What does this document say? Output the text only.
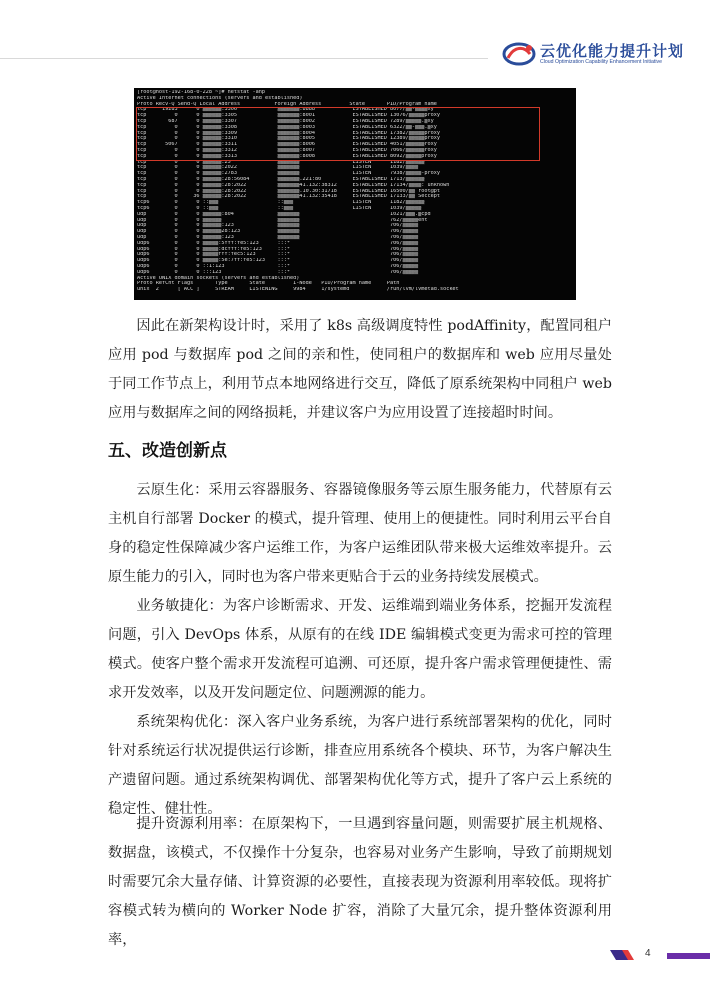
云优化能力提升计划
Cloud Optimization Capability Enhancement Initiative
[root@host-192-168-0-228 ~]# netstat -anp
Active Internet connections (servers and established)
Proto Recv-Q Send-Q Local Address           Foreign Address         State       PID/Program name
tcp     19283      0 ▒▒▒▒▒▒:3306             ▒▒▒▒▒▒▒:8888            ESTABLISHED 8077/▒▒-▒▒▒▒xy
tcp         0      0 ▒▒▒▒▒▒:3305             ▒▒▒▒▒▒▒:8001            ESTABLISHED 13076/▒▒▒▒▒proxy
tcp       687      0 ▒▒▒▒▒▒:3307             ▒▒▒▒▒▒▒:8002            ESTABLISHED 7289/▒▒▒▒▒.▒xy
tcp         0      0 ▒▒▒▒▒▒:3308             ▒▒▒▒▒▒▒:8003            ESTABLISHED 6322/▒▒-▒▒▒.▒xy
tcp         0      0 ▒▒▒▒▒▒:3309             ▒▒▒▒▒▒▒:8004            ESTABLISHED 17382/▒▒▒▒▒proxy
tcp         0      0 ▒▒▒▒▒▒:3310             ▒▒▒▒▒▒▒:8005            ESTABLISHED 12389/▒▒▒▒▒proxy
tcp      5067      0 ▒▒▒▒▒▒:3311             ▒▒▒▒▒▒▒:8006            ESTABLISHED 4051/▒▒▒▒▒▒roxy
tcp         0      0 ▒▒▒▒▒▒:3312             ▒▒▒▒▒▒▒:8007            ESTABLISHED 7066/▒▒▒▒▒▒roxy
tcp         0      0 ▒▒▒▒▒▒:3313             ▒▒▒▒▒▒▒:8008            ESTABLISHED 8092/▒▒▒▒▒proxy
tcp         0      0 ▒▒▒▒▒▒:25               ▒▒▒▒▒▒▒                 LISTEN      1182/▒▒▒▒▒▒
tcp         0      0 ▒▒▒▒▒▒:2022             ▒▒▒▒▒▒▒                 LISTEN      1039/▒▒▒▒
tcp         0      0 ▒▒▒▒▒▒:2783             ▒▒▒▒▒▒▒                 LISTEN      7938/▒▒▒▒▒-proxy
tcp         0      0 ▒▒▒▒▒▒:28:56084         ▒▒▒▒▒▒▒.221:80          ESTABLISHED 1713/▒▒▒▒▒▒
tcp         0      0 ▒▒▒▒▒▒:28:2022          ▒▒▒▒▒▒▒41.132:38312     ESTABLISHED 17134/▒▒▒▒: unknown
tcp         0      0 ▒▒▒▒▒▒:28:2022          ▒▒▒▒▒▒▒.10.30:31718     ESTABLISHED 16500/▒▒ root@pt
tcp         0     36 ▒▒▒▒▒▒:28:2022          ▒▒▒▒▒▒▒41.132:35418     ESTABLISHED 17133/▒▒ Seccept
tcp6        0      0 ::▒▒▒                   ::▒▒▒                   LISTEN      1182/▒▒▒▒▒▒
tcp6        0      0 ::▒▒▒                   ::▒▒▒                   LISTEN      1039/▒▒▒▒▒
udp         0      0 ▒▒▒▒▒▒:804              ▒▒▒▒▒▒▒                             1021/▒▒▒.▒cpd
udp         0      0 ▒▒▒▒▒▒                  ▒▒▒▒▒▒▒                             762/▒▒▒▒▒ent
udp         0      0 ▒▒▒▒▒▒:123              ▒▒▒▒▒▒▒                             706/▒▒▒▒▒
udp         0      0 ▒▒▒▒▒▒28:123            ▒▒▒▒▒▒▒                             706/▒▒▒▒▒
udp         0      0 ▒▒▒▒▒▒:123              ▒▒▒▒▒▒▒                             706/▒▒▒▒▒
udp6        0      0 ▒▒▒▒▒:5fff:fe5:123      :::*                                706/▒▒▒▒▒
udp6        0      0 ▒▒▒▒▒:dcfff:fe5:123     :::*                                706/▒▒▒▒▒
udp6        0      0 ▒▒▒▒▒fff:fec5:123       :::*                                706/▒▒▒▒▒
udp6        0      0 ▒▒▒▒▒:5e:7ff:fe5:123    :::*                                706/▒▒▒▒▒
udp6        0      0 ::1:123                 :::*                                706/▒▒▒▒▒
udp6        0      0 :::123                  :::*                                706/▒▒▒▒▒
Active UNIX domain sockets (servers and established)
Proto RefCnt Flags       Type       State         I-Node   PID/Program name     Path
unix  2      [ ACC ]     STREAM     LISTENING     9984     1/systemd            /run/lvm/lvmetad.socket
因此在新架构设计时，采用了 k8s 高级调度特性 podAffinity，配置同租户应用 pod 与数据库 pod 之间的亲和性，使同租户的数据库和 web 应用尽量处于同工作节点上，利用节点本地网络进行交互，降低了原系统架构中同租户 web 应用与数据库之间的网络损耗，并建议客户为应用设置了连接超时时间。
五、改造创新点
云原生化：采用云容器服务、容器镜像服务等云原生服务能力，代替原有云主机自行部署 Docker 的模式，提升管理、使用上的便捷性。同时利用云平台自身的稳定性保障减少客户运维工作，为客户运维团队带来极大运维效率提升。云原生能力的引入，同时也为客户带来更贴合于云的业务持续发展模式。
业务敏捷化：为客户诊断需求、开发、运维端到端业务体系，挖掘开发流程问题，引入 DevOps 体系，从原有的在线 IDE 编辑模式变更为需求可控的管理模式。使客户整个需求开发流程可追溯、可还原，提升客户需求管理便捷性、需求开发效率，以及开发问题定位、问题溯源的能力。
系统架构优化：深入客户业务系统，为客户进行系统部署架构的优化，同时针对系统运行状况提供运行诊断，排查应用系统各个模块、环节，为客户解决生产遗留问题。通过系统架构调优、部署架构优化等方式，提升了客户云上系统的稳定性、健壮性。
提升资源利用率：在原架构下，一旦遇到容量问题，则需要扩展主机规格、数据盘，该模式，不仅操作十分复杂，也容易对业务产生影响，导致了前期规划时需要冗余大量存储、计算资源的必要性，直接表现为资源利用率较低。现将扩容模式转为横向的 Worker Node 扩容，消除了大量冗余，提升整体资源利用率，
4
